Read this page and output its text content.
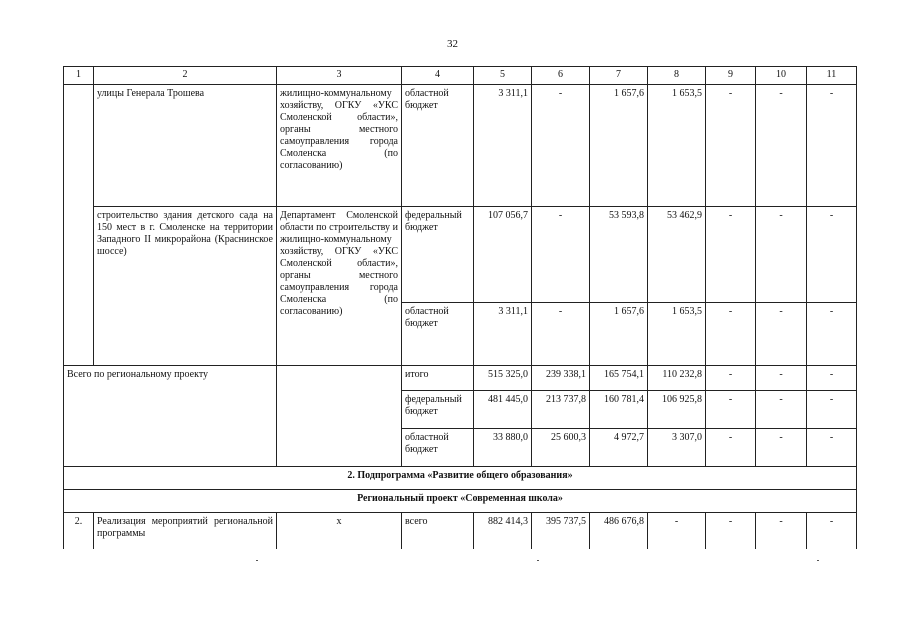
32
1	2	3	4	5	6	7	8	9	10	11
	улицы Генерала Трошева	жилищно-коммунальному хозяйству, ОГКУ «УКС Смоленской области», органы местного самоуправления города Смоленска (по согласованию)	областной бюджет	3 311,1	-	1 657,6	1 653,5	-	-	-
	строительство здания детского сада на 150 мест в г. Смоленске на территории Западного II микрорайона (Краснинское шоссе)	Департамент Смоленской области по строительству и жилищно-коммунальному хозяйству, ОГКУ «УКС Смоленской области», органы местного самоуправления города Смоленска (по согласованию)	федеральный бюджет	107 056,7	-	53 593,8	53 462,9	-	-	-
			областной бюджет	3 311,1	-	1 657,6	1 653,5	-	-	-
Всего по региональному проекту			итого	515 325,0	239 338,1	165 754,1	110 232,8	-	-	-
			федеральный бюджет	481 445,0	213 737,8	160 781,4	106 925,8	-	-	-
			областной бюджет	33 880,0	25 600,3	4 972,7	3 307,0	-	-	-
2. Подпрограмма «Развитие общего образования»										
Региональный проект «Современная школа»										
2.	Реализация мероприятий региональной программы	х	всего	882 414,3	395 737,5	486 676,8	-	-	-	-
